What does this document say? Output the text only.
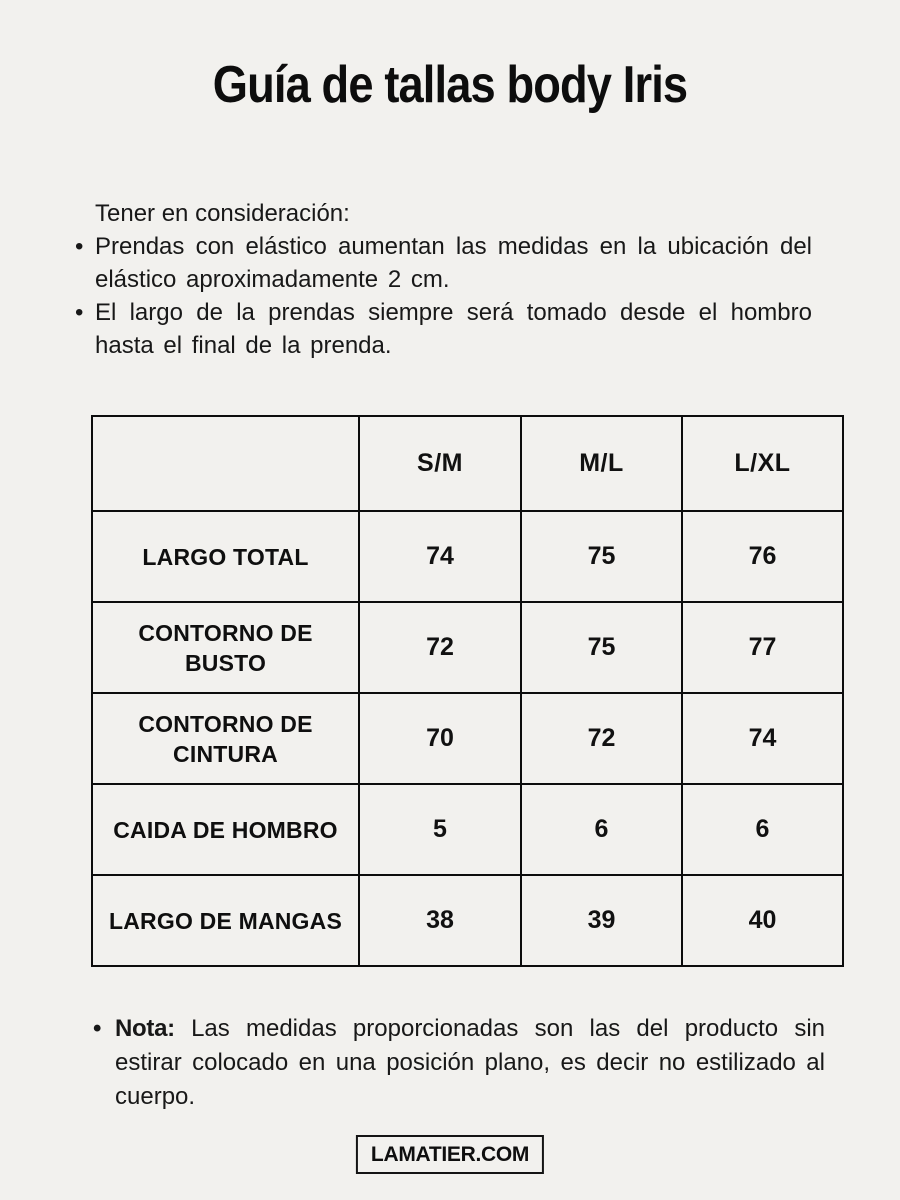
Guía de tallas body Iris
Tener en consideración:
• Prendas con elástico aumentan las medidas en la ubicación del elástico aproximadamente 2 cm.
• El largo de la prendas siempre será tomado desde el hombro hasta el final de la prenda.
	S/M	M/L	L/XL
LARGO TOTAL	74	75	76
CONTORNO DE BUSTO	72	75	77
CONTORNO DE CINTURA	70	72	74
CAIDA DE HOMBRO	5	6	6
LARGO DE MANGAS	38	39	40
• Nota: Las medidas proporcionadas son las del producto sin estirar colocado en una posición plano, es decir no estilizado al cuerpo.
LAMATIER.COM
